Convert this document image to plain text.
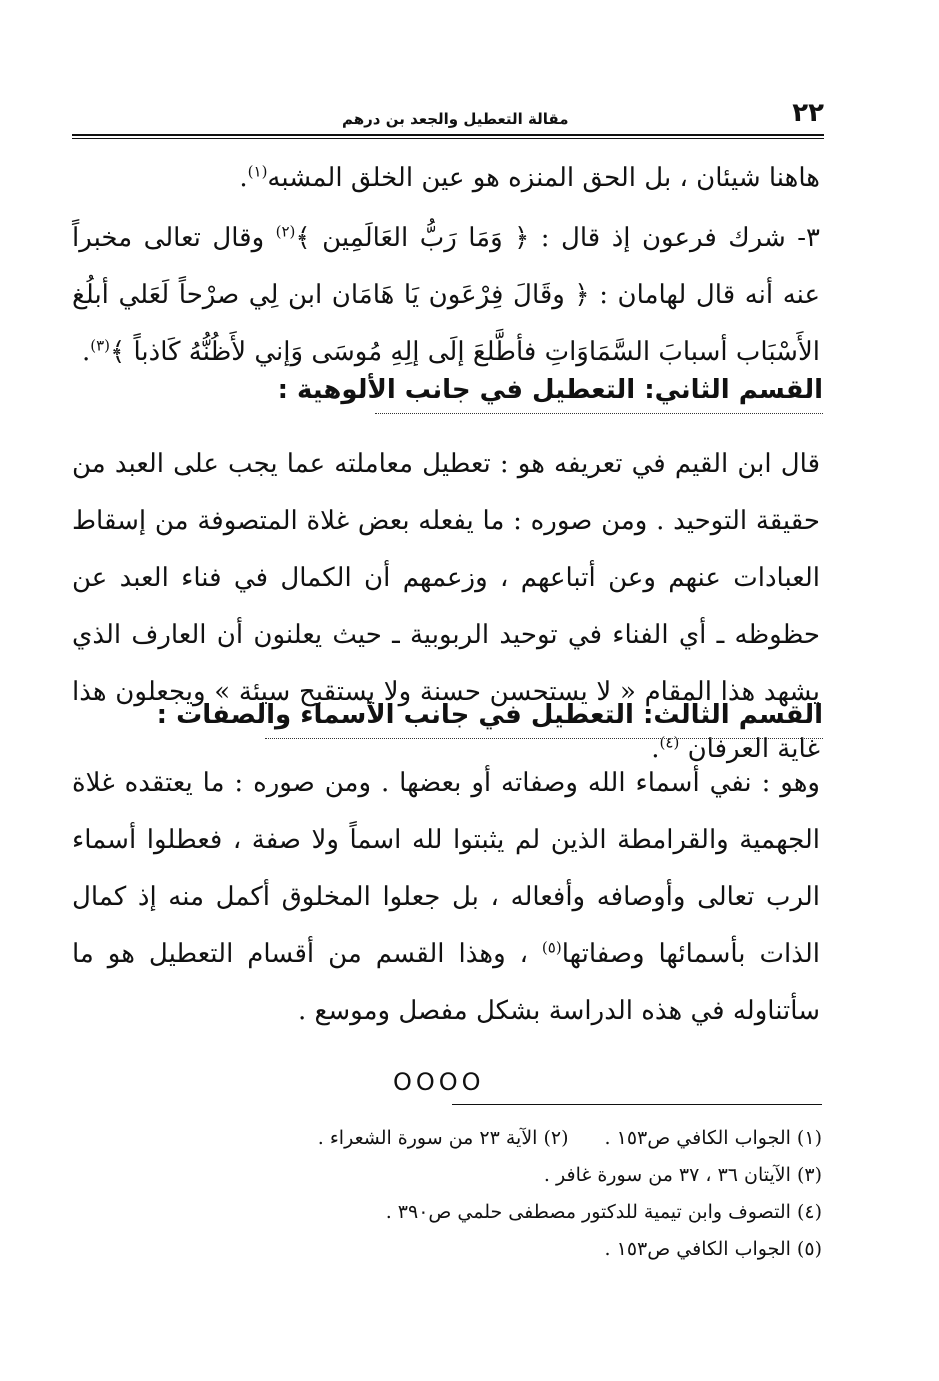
٢٢
مقالة التعطيل والجعد بن درهم

هاهنا شيئان ، بل الحق المنزه هو عين الخلق المشبه$^{(١)}$.

٣- شرك فرعون إذ قال : ﴿ وَمَا رَبُّ العَالَمِين ﴾$^{(٢)}$ وقال تعالى مخبراً عنه أنه قال لهامان : ﴿ وقَالَ فِرْعَون يَا هَامَان ابن لِي صرْحاً لَعَلي أبلُغ الأَسْبَاب أسبابَ السَّمَاوَاتِ فأطَّلعَ إلَى إلِهِ مُوسَى وَإني لأَظُنُّهُ كَاذباً ﴾$^{(٣)}$.

القسم الثاني: التعطيل في جانب الألوهية :

قال ابن القيم في تعريفه هو : تعطيل معاملته عما يجب على العبد من حقيقة التوحيد . ومن صوره : ما يفعله بعض غلاة المتصوفة من إسقاط العبادات عنهم وعن أتباعهم ، وزعمهم أن الكمال في فناء العبد عن حظوظه ـ أي الفناء في توحيد الربوبية ـ حيث يعلنون أن العارف الذي يشهد هذا المقام « لا يستحسن حسنة ولا يستقبح سيئة » ويجعلون هذا غاية العرفان $^{(٤)}$.

القسم الثالث: التعطيل في جانب الأسماء والصفات :

وهو : نفي أسماء الله وصفاته أو بعضها . ومن صوره : ما يعتقده غلاة الجهمية والقرامطة الذين لم يثبتوا لله اسماً ولا صفة ، فعطلوا أسماء الرب تعالى وأوصافه وأفعاله ، بل جعلوا المخلوق أكمل منه إذ كمال الذات بأسمائها وصفاتها$^{(٥)}$ ، وهذا القسم من أقسام التعطيل هو ما سأتناوله في هذه الدراسة بشكل مفصل وموسع .

OOOO
(١) الجواب الكافي ص١٥٣ .(٢) الآية ٢٣ من سورة الشعراء .
(٣) الآيتان ٣٦ ، ٣٧ من سورة غافر .
(٤) التصوف وابن تيمية للدكتور مصطفى حلمي ص٣٩٠ .
(٥) الجواب الكافي ص١٥٣ .
